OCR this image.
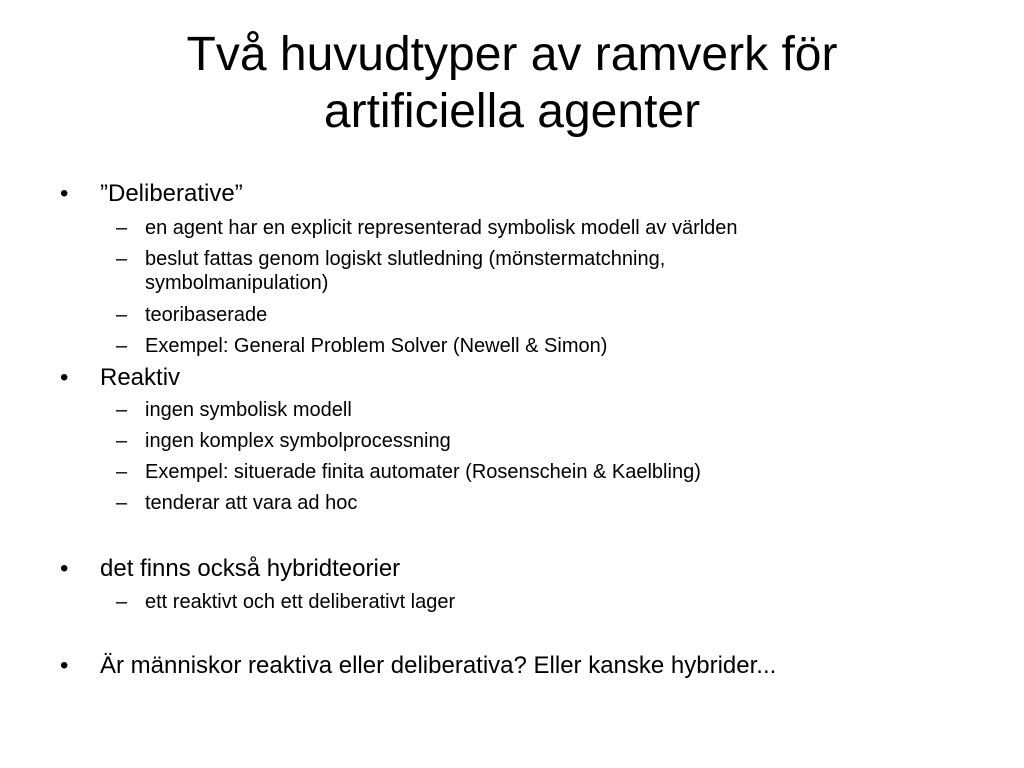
Två huvudtyper av ramverk för
artificiella agenter
• ”Deliberative”
– en agent har en explicit representerad symbolisk modell av världen
– beslut fattas genom logiskt slutledning (mönstermatchning,
symbolmanipulation)
– teoribaserade
– Exempel: General Problem Solver (Newell & Simon)
• Reaktiv
– ingen symbolisk modell
– ingen komplex symbolprocessning
– Exempel: situerade finita automater (Rosenschein & Kaelbling)
– tenderar att vara ad hoc
• det finns också hybridteorier
– ett reaktivt och ett deliberativt lager
• Är människor reaktiva eller deliberativa? Eller kanske hybrider...
